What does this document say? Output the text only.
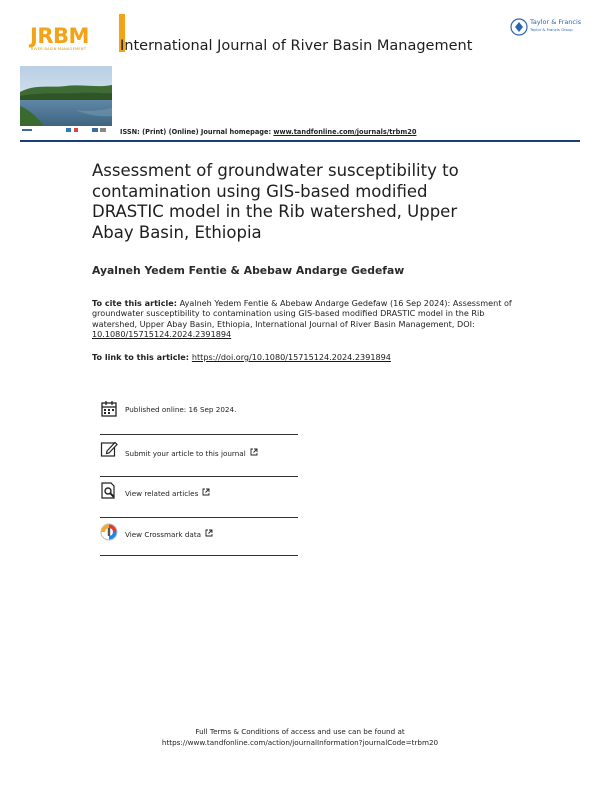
JRBM
RIVER BASIN MANAGEMENT International Journal of River Basin Management
Taylor & Francis
Taylor & Francis Group
ISSN: (Print) (Online) Journal homepage: www.tandfonline.com/journals/trbm20
Assessment of groundwater susceptibility to contamination using GIS-based modified DRASTIC model in the Rib watershed, Upper Abay Basin, Ethiopia
Ayalneh Yedem Fentie & Abebaw Andarge Gedefaw
To cite this article: Ayalneh Yedem Fentie & Abebaw Andarge Gedefaw (16 Sep 2024): Assessment of groundwater susceptibility to contamination using GIS-based modified DRASTIC model in the Rib watershed, Upper Abay Basin, Ethiopia, International Journal of River Basin Management, DOI: 10.1080/15715124.2024.2391894
To link to this article: https://doi.org/10.1080/15715124.2024.2391894
Published online: 16 Sep 2024.
Submit your article to this journal
View related articles
View Crossmark data
Full Terms & Conditions of access and use can be found at
https://www.tandfonline.com/action/journalInformation?journalCode=trbm20
